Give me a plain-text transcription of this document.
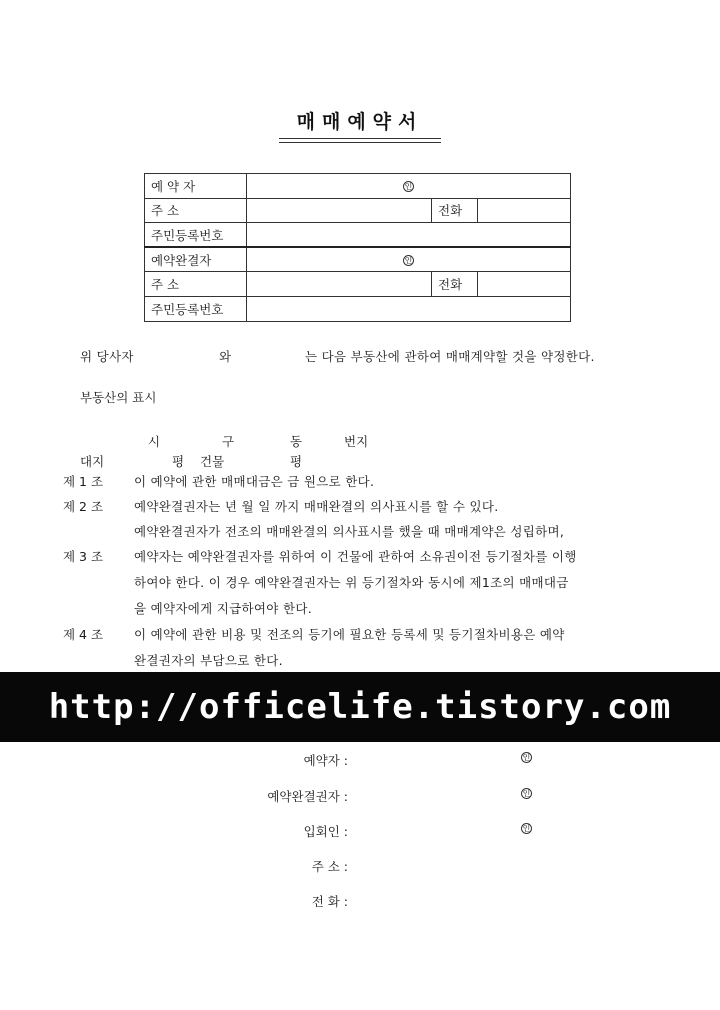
매매예약서
예 약 자	인		
주 소		전화	
주민등록번호			
예약완결자	인		
주 소		전화	
주민등록번호			
위 당사자	와	는 다음 부동산에 관하여 매매계약할 것을 약정한다.
부동산의 표시
시	구	동	번지
대지	평 건물	평
제 1 조 이 예약에 관한 매매대금은 금 원으로 한다.
제 2 조 예약완결권자는 년 월 일 까지 매매완결의 의사표시를 할 수 있다.
예약완결권자가 전조의 매매완결의 의사표시를 했을 때 매매계약은 성립하며,
제 3 조 예약자는 예약완결권자를 위하여 이 건물에 관하여 소유권이전 등기절차를 이행
하여야 한다. 이 경우 예약완결권자는 위 등기절차와 동시에 제1조의 매매대금
을 예약자에게 지급하여야 한다.
제 4 조 이 예약에 관한 비용 및 전조의 등기에 필요한 등록세 및 등기절차비용은 예약
완결권자의 부담으로 한다.
http://officelife.tistory.com
예약자 :	인
예약완결권자 :	인
입회인 :	인
주 소 :
전 화 :
